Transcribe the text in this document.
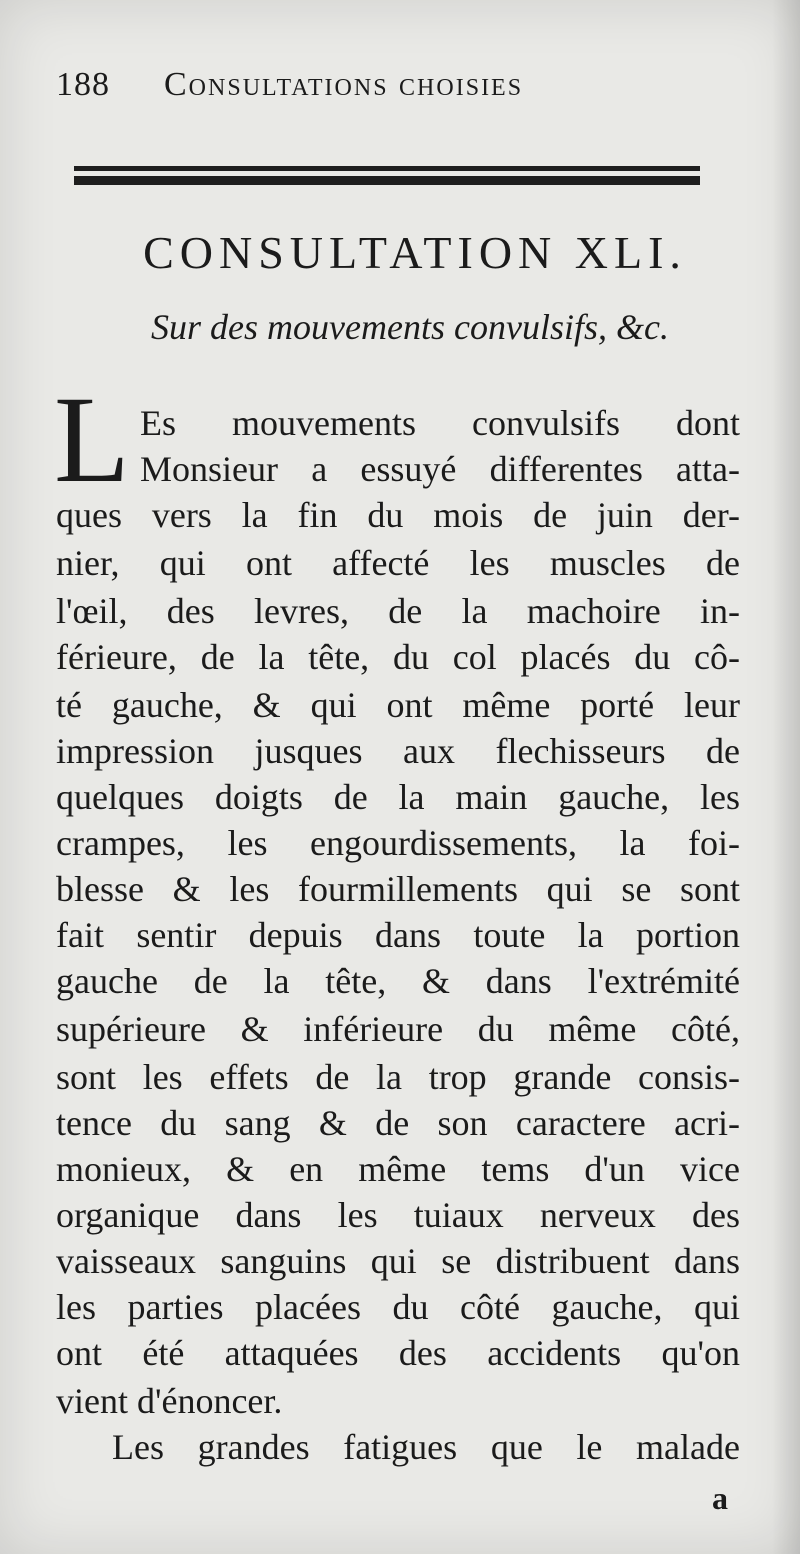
188 Consultations choisies
CONSULTATION XLI.
Sur des mouvements convulsifs, &c.
L Es mouvements convulsifs dont
Monsieur a essuyé differentes atta-
ques vers la fin du mois de juin der-
nier, qui ont affecté les muscles de
l'œil, des levres, de la machoire in-
férieure, de la tête, du col placés du cô-
té gauche, & qui ont même porté leur
impression jusques aux flechisseurs de
quelques doigts de la main gauche, les
crampes, les engourdissements, la foi-
blesse & les fourmillements qui se sont
fait sentir depuis dans toute la portion
gauche de la tête, & dans l'extrémité
supérieure & inférieure du même côté,
sont les effets de la trop grande consis-
tence du sang & de son caractere acri-
monieux, & en même tems d'un vice
organique dans les tuiaux nerveux des
vaisseaux sanguins qui se distribuent dans
les parties placées du côté gauche, qui
ont été attaquées des accidents qu'on
vient d'énoncer.
Les grandes fatigues que le malade
a
